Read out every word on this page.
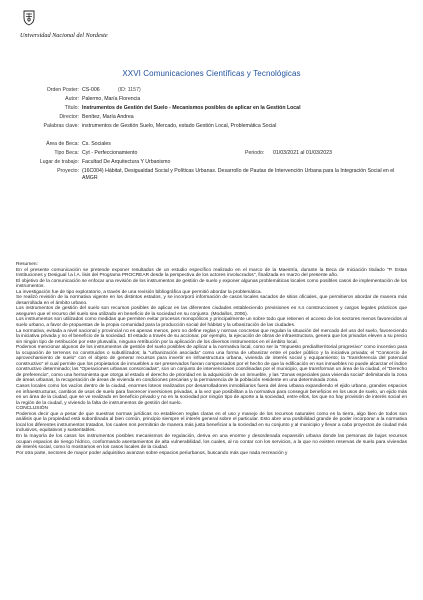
Universidad Nacional del Nordeste
XXVI Comunicaciones Científicas y Tecnológicas
Orden Poster: CS-006	(ID: 1157)
Autor: Palermo, María Florencia
Título: Instrumentos de Gestión del Suelo - Mecanismos posibles de aplicar en la Gestión Local
Director: Benítez, María Andrea
Palabras clave: instrumentos de Gestión Suelo, Mercado, estado Gestión Local, Problemática Social
Área de Beca: Cs. Sociales
Tipo Beca: Cyt - Perfeccionamiento	Periodo: 01/03/2021 al 01/03/2023
Lugar de trabajo: Facultad De Arquitectura Y Urbanismo
Proyecto: (16C004) Hábitat, Desigualdad Social y Políticas Urbanas. Desarrollo de Pautas de Intervención Urbana para la Integración Social en el AMGR

Resumen:

En el presente comunicación se pretende exponer resultados de un estudio específico realizado en el marco de la Maestría, durante la Beca de Iniciación titulado "P. Estas Instituciones y Desigual l.a l.A. lisis del Programa PROCREAR desde la perspectiva de los actores involucrados", finalizada en marzo del presente año.

El objetivo de la comunicación se enfocar una revisión de los instrumentos de gestión de suelo y exponer algunas problemáticas locales como posibles casos de implementación de los instrumentos.

La investigación fue de tipo exploratorio, a través de una revisión bibliográfica que permitió abordar la problemática.

Se realizó revisión de la normativa vigente en los distintos estados, y se incorporó información de casos locales sacados de sitios oficiales, que permitieron abordar de manera más desarrollada en el ámbito urbano.

Los instrumentos de gestión del suelo son recursos posibles de aplicar en las diferentes ciudades estableciendo previsiones en s.s construcciones y cargos legales prácticos que aseguren que el recurso del suelo sea utilizado en beneficio de la sociedad en su conjunto. (Modallos, 2006).

Los instrumentos son utilizados como medidas que permiten evitar procesos monopólicos y principalmente un sobre todo que retienen el acceso de los sectores menos favorecidos al suelo urbano, a favor de propuestas de la propia comunidad para la producción social del hábitat y la urbanización de las ciudades.

La normativa, evitada a nivel nacional y provincial no es apenas menos, pero no define reglas y normas concretas que regulan la situación del mercado del uso del suelo, favoreciendo la iniciativa privada y no el beneficio de la sociedad. El estado a través de su accionar, por ejemplo, la ejecución de obras de infraestructura, genera que los privados eleven a su precio sin ningún tipo de retribución por este plusvalía, ninguna retribución por la aplicación de los diversos instrumentos en el ámbito local.

Podemos mencionar algunos de los instrumentos de gestión del suelo posibles de aplicar a la normativa local, como ser la "Impuesto predial/territorial progresivo" como incentivo para la ocupación de terrenos no construidos o subutilizados; la "urbanización asociada" como una forma de urbanizar entre el poder público y la iniciativa privada; el "Consorcio de aprovechamiento de suelo" con el objeto de generar recursos para invertir en infraestructura urbana, vivienda de interés social y equipamiento; la "transferencia del potencial constructivo" el cual permite que los propietarios de inmuebles a ser preservados fueran compensados por el hecho de que la edificación en sus inmuebles no puede alcanzar el índice constructivo determinado; las "Operaciones urbanas consorciadas", son un conjunto de intervenciones coordinadas por el municipio, que transforman un área de la ciudad, el "Derecho de preferencia", como una herramienta que otorga al estado el derecho de prioridad en la adquisición de un inmueble, y las "Zonas especiales para vivienda social" delimitando la zona de áreas urbanas, la recuperación de áreas de vivienda en condiciones precarias y la permanencia de la población residente en una determinada zona.

Casos locales como los vacíos dentro de la ciudad, enormes loteos realizados por desarrolladores inmobiliarios fuera del área urbana expandiendo el ejido urbano, grandes espacios en infraestructuras, cambios de usos de suelo para favorecer inversiones privadas, a la vez que posibilitan a la normativa para conseguir beneficios en los usos de suelo, un ejido más en un área de la ciudad, que se ve realizado en beneficio privado y no en la sociedad por ningún tipo de aporte a la sociedad, entre ellos, los que no hay provisión de interés social en la región de la ciudad, y viviendo la falta de instrumentos de gestión del suelo.

CONCLUSIÓN

Podemos decir que a pesar de que nuestras normas jurídicas no establecen reglas claras en el uso y manejo de los recursos naturales como es la tierra, algo bien de todos son análisis que la propiedad está subordinada al bien común, principio siempre el interés general sobre el particular. Esto abre una posibilidad grande de poder incorporar a la normativa local los diferentes instrumentos tratados, los cuales nos permitirán de manera más justa beneficiar a la sociedad en su conjunto y al municipio y llevar a cabo proyectos de ciudad más inclusivos, equitativos y sustentables.

En la mayoría de los casos los instrumentos posibles mecanismos de regulación, deriva en una enorme y desordenada expansión urbana donde las personas de bajos recursos ocupan espacios de riesgo hídrico, conformando asentamientos de alta vulnerabilidad, los cuales, al no contar con los servicios, a la que no existen reservas de suelo para viviendas de interés social, como lo mostramos en los casos locales de la ciudad.

Por otra parte, sectores de mayor poder adquisitivo avanzan sobre espacios periurbanos, buscando más que nada recreación y
